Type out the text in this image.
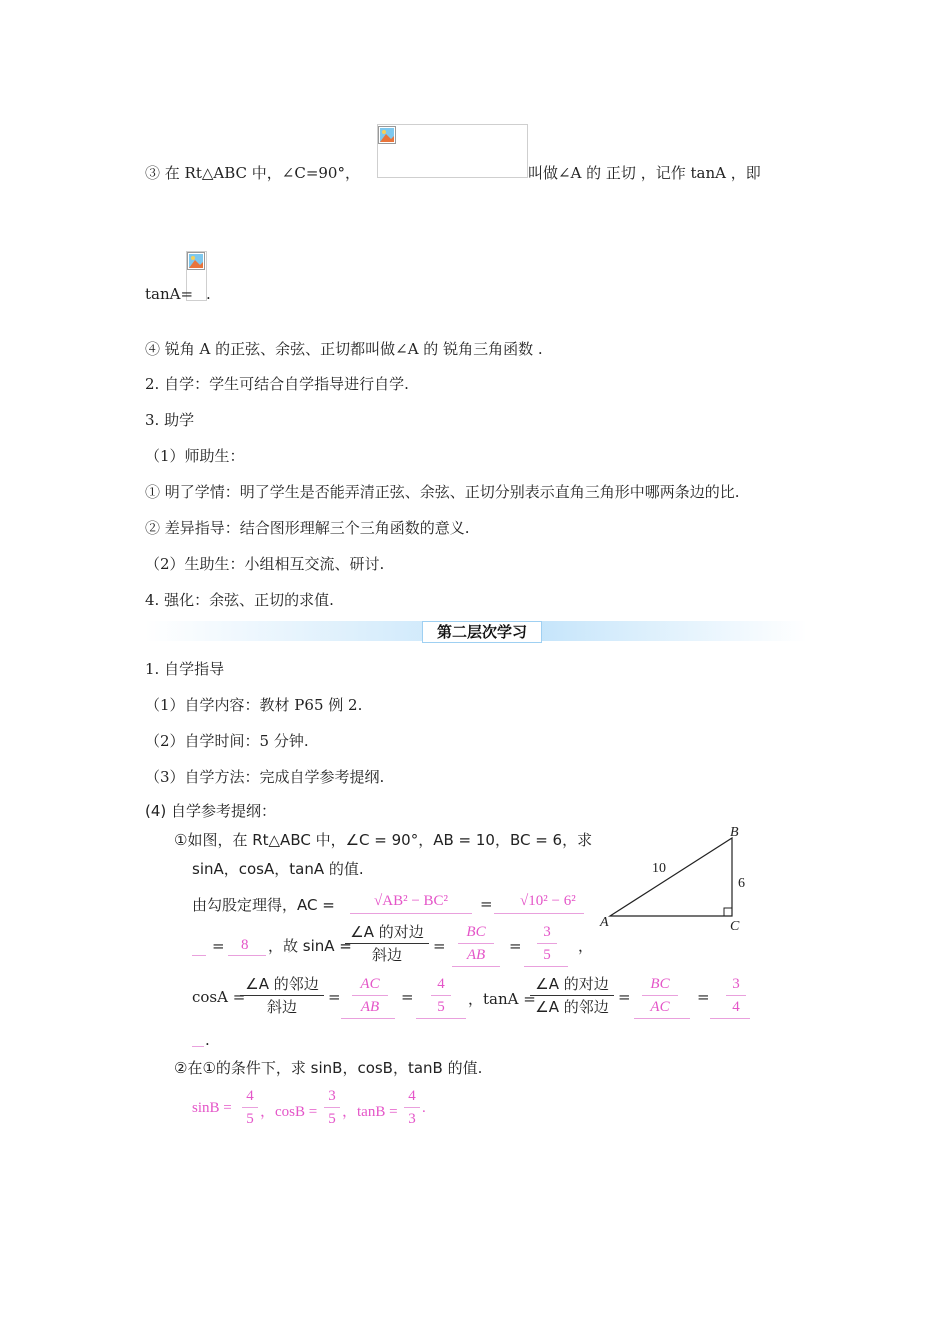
③ 在 Rt△ABC 中，∠C=90°，	叫做∠A 的 正切 ，记作 tanA ，即
tanA= .
④ 锐角 A 的正弦、余弦、正切都叫做∠A 的 锐角三角函数 .
2. 自学：学生可结合自学指导进行自学.
3. 助学
（1）师助生：
① 明了学情：明了学生是否能弄清正弦、余弦、正切分别表示直角三角形中哪两条边的比.
② 差异指导：结合图形理解三个三角函数的意义.
（2）生助生：小组相互交流、研讨.
4. 强化：余弦、正切的求值.
第二层次学习
1. 自学指导
（1）自学内容：教材 P65 例 2.
（2）自学时间：5 分钟.
（3）自学方法：完成自学参考提纲.
(4) 自学参考提纲：
①如图，在 Rt△ABC 中，∠C = 90°，AB = 10，BC = 6，求
sinA，cosA，tanA 的值.
由勾股定理得，AC =	√AB² − BC² = √10² − 6²
= 8 ，故 sinA =
∠A 的对边
斜边	=
BC
AB	=
3
5	，
cosA =
∠A 的邻边
斜边
=
AC
AB
=
4
5	，tanA =
∠A 的对边
∠A 的邻边
=
BC
AC
=
3
4
.
②在①的条件下，求 sinB，cosB，tanB 的值.
sinB =
4
5 ，cosB =
3
5 ，tanB =
4
3
.
A
B
C
10
6
